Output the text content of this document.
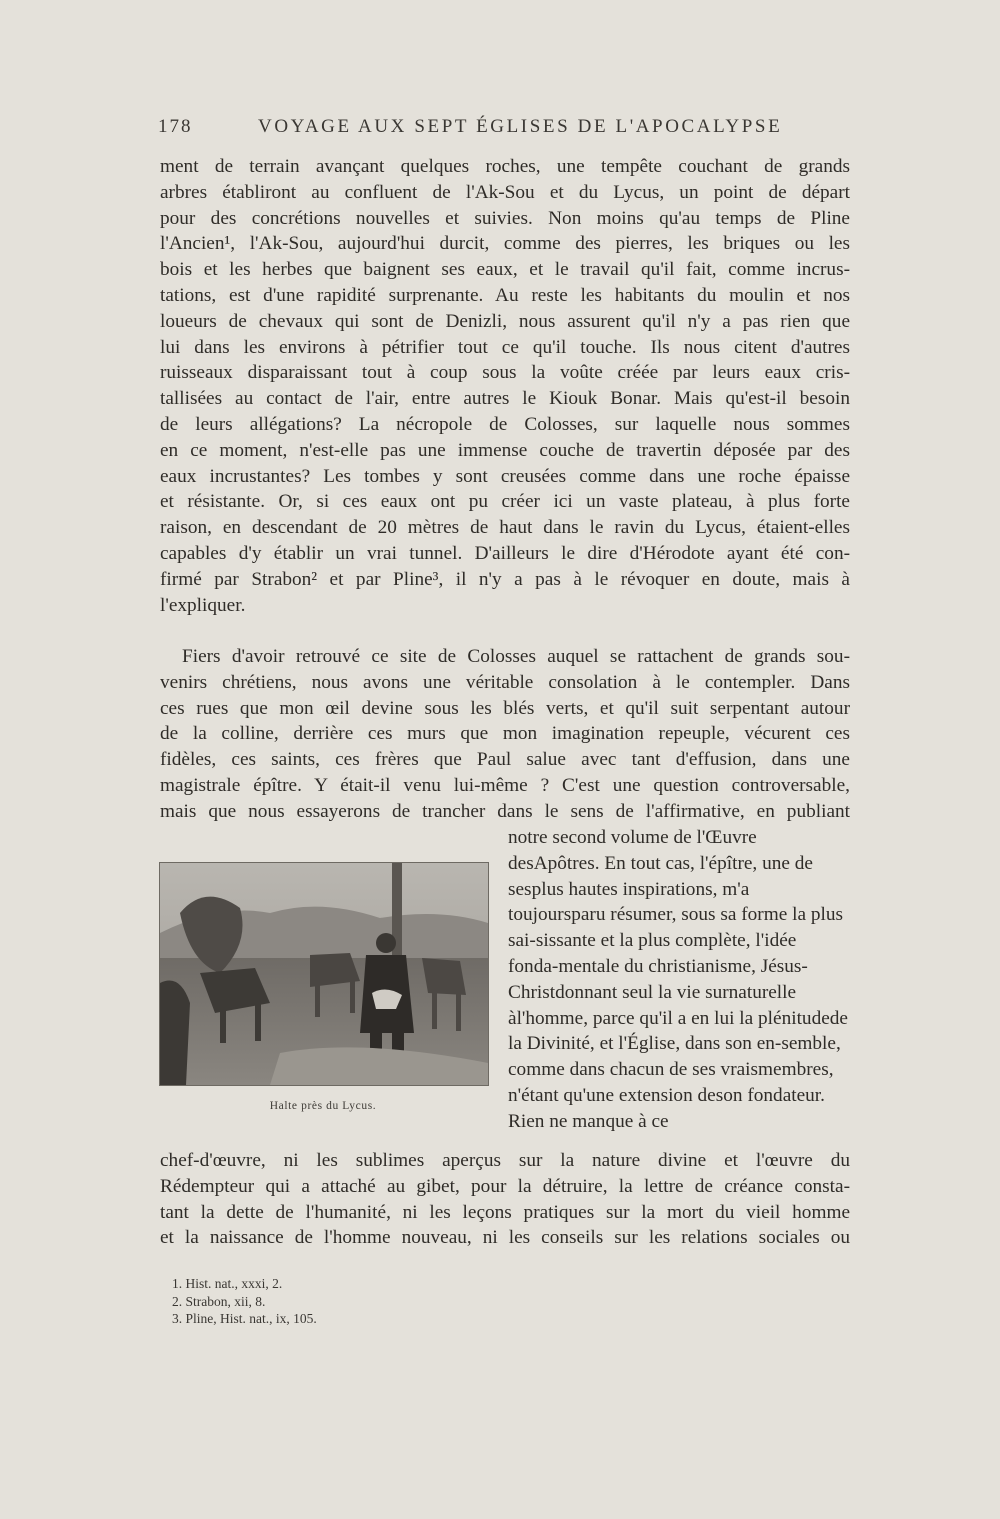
178	VOYAGE AUX SEPT ÉGLISES DE L'APOCALYPSE
ment de terrain avançant quelques roches, une tempête couchant de grands
arbres établiront au confluent de l'Ak-Sou et du Lycus, un point de départ
pour des concrétions nouvelles et suivies. Non moins qu'au temps de Pline
l'Ancien¹, l'Ak-Sou, aujourd'hui durcit, comme des pierres, les briques ou les
bois et les herbes que baignent ses eaux, et le travail qu'il fait, comme incrus-
tations, est d'une rapidité surprenante. Au reste les habitants du moulin et nos
loueurs de chevaux qui sont de Denizli, nous assurent qu'il n'y a pas rien que
lui dans les environs à pétrifier tout ce qu'il touche. Ils nous citent d'autres
ruisseaux disparaissant tout à coup sous la voûte créée par leurs eaux cris-
tallisées au contact de l'air, entre autres le Kiouk Bonar. Mais qu'est-il besoin
de leurs allégations? La nécropole de Colosses, sur laquelle nous sommes
en ce moment, n'est-elle pas une immense couche de travertin déposée par des
eaux incrustantes? Les tombes y sont creusées comme dans une roche épaisse
et résistante. Or, si ces eaux ont pu créer ici un vaste plateau, à plus forte
raison, en descendant de 20 mètres de haut dans le ravin du Lycus, étaient-elles
capables d'y établir un vrai tunnel. D'ailleurs le dire d'Hérodote ayant été con-
firmé par Strabon² et par Pline³, il n'y a pas à le révoquer en doute, mais à
l'expliquer.
Fiers d'avoir retrouvé ce site de Colosses auquel se rattachent de grands sou-
venirs chrétiens, nous avons une véritable consolation à le contempler. Dans
ces rues que mon œil devine sous les blés verts, et qu'il suit serpentant autour
de la colline, derrière ces murs que mon imagination repeuple, vécurent ces
fidèles, ces saints, ces frères que Paul salue avec tant d'effusion, dans une
magistrale épître. Y était-il venu lui-même ? C'est une question controversable,
mais que nous essayerons de trancher dans le sens de l'affirmative, en publiant
notre second volume de l'Œuvre desApôtres. En tout cas, l'épître, une de sesplus hautes inspirations, m'a toujoursparu résumer, sous sa forme la plus sai-sissante et la plus complète, l'idée fonda-mentale du christianisme, Jésus-Christdonnant seul la vie surnaturelle àl'homme, parce qu'il a en lui la plénitudede la Divinité, et l'Église, dans son en-semble, comme dans chacun de ses vraismembres, n'étant qu'une extension deson fondateur. Rien ne manque à ce
chef-d'œuvre, ni les sublimes aperçus sur la nature divine et l'œuvre du
Rédempteur qui a attaché au gibet, pour la détruire, la lettre de créance consta-
tant la dette de l'humanité, ni les leçons pratiques sur la mort du vieil homme
et la naissance de l'homme nouveau, ni les conseils sur les relations sociales ou
Halte près du Lycus.
1. Hist. nat., xxxi, 2.
2. Strabon, xii, 8.
3. Pline, Hist. nat., ix, 105.
